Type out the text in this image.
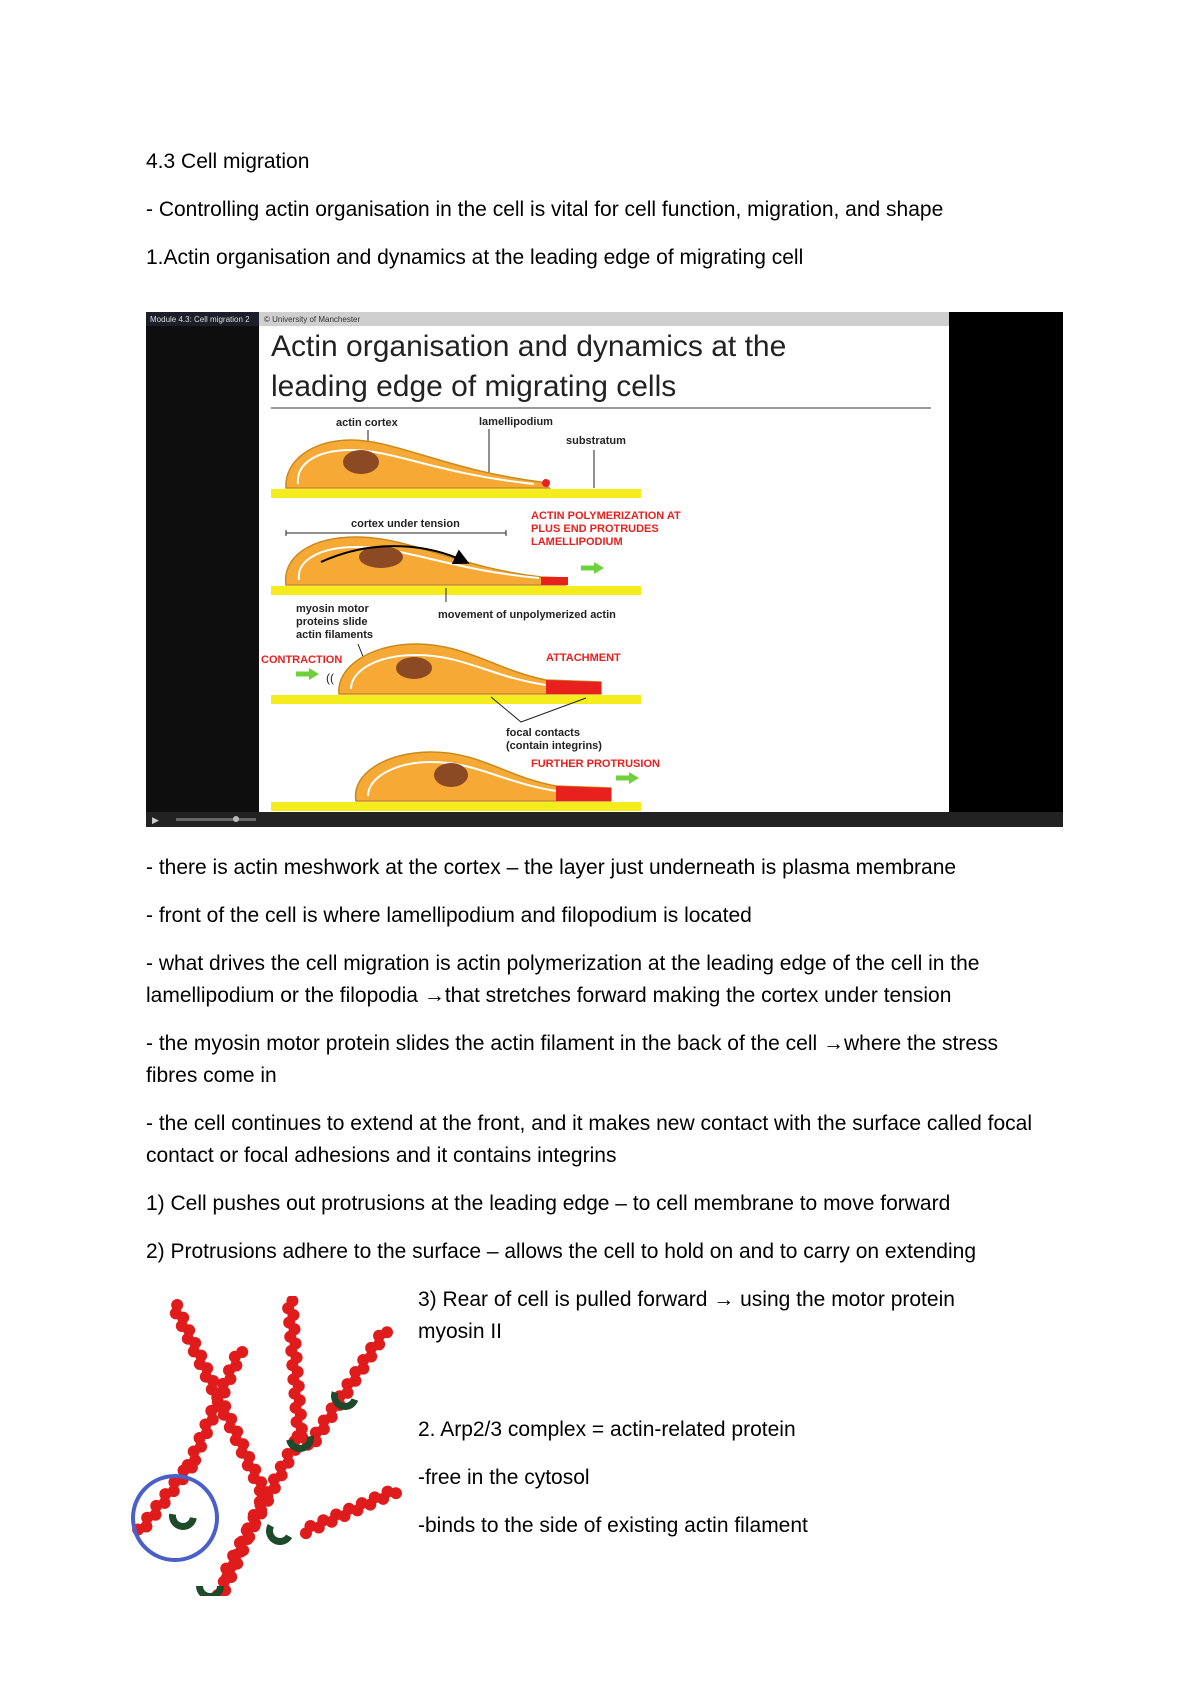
4.3 Cell migration
- Controlling actin organisation in the cell is vital for cell function, migration, and shape
1.Actin organisation and dynamics at the leading edge of migrating cell
Module 4.3: Cell migration 2 © University of Manchester
▶
Actin organisation and dynamics at the
leading edge of migrating cells
actin cortex	lamellipodium
substratum
cortex under tension
ACTIN POLYMERIZATION AT
PLUS END PROTRUDES
LAMELLIPODIUM
myosin motor
proteins slide
actin filaments
movement of unpolymerized actin
CONTRACTION	ATTACHMENT
((
focal contacts
(contain integrins)
FURTHER PROTRUSION
- there is actin meshwork at the cortex – the layer just underneath is plasma membrane
- front of the cell is where lamellipodium and filopodium is located
- what drives the cell migration is actin polymerization at the leading edge of the cell in the lamellipodium or the filopodia →that stretches forward making the cortex under tension
- the myosin motor protein slides the actin filament in the back of the cell →where the stress fibres come in
- the cell continues to extend at the front, and it makes new contact with the surface called focal contact or focal adhesions and it contains integrins
1) Cell pushes out protrusions at the leading edge – to cell membrane to move forward
2) Protrusions adhere to the surface – allows the cell to hold on and to carry on extending
3) Rear of cell is pulled forward → using the motor protein myosin II
2. Arp2/3 complex = actin-related protein
-free in the cytosol
-binds to the side of existing actin filament
